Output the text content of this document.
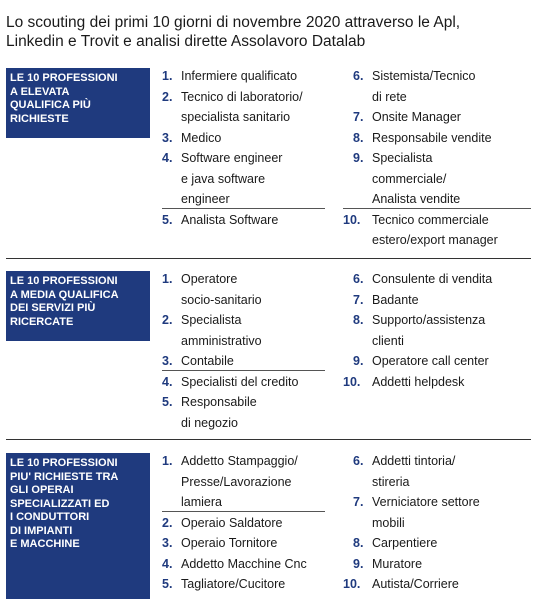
Lo scouting dei primi 10 giorni di novembre 2020 attraverso le Apl,
Linkedin e Trovit e analisi dirette Assolavoro Datalab
LE 10 PROFESSIONI
A ELEVATA
QUALIFICA PIÙ
RICHIESTE
1. Infermiere qualificato
2. Tecnico di laboratorio/
specialista sanitario
3. Medico
4. Software engineer
e java software
engineer
5. Analista Software
6. Sistemista/Tecnico
di rete
7. Onsite Manager
8. Responsabile vendite
9. Specialista
commerciale/
Analista vendite
10. Tecnico commerciale
estero/export manager
LE 10 PROFESSIONI
A MEDIA QUALIFICA
DEI SERVIZI PIÙ
RICERCATE
1. Operatore
socio-sanitario
2. Specialista
amministrativo
3. Contabile
4. Specialisti del credito
5. Responsabile
di negozio
6. Consulente di vendita
7. Badante
8. Supporto/assistenza
clienti
9. Operatore call center
10. Addetti helpdesk
LE 10 PROFESSIONI
PIU' RICHIESTE TRA
GLI OPERAI
SPECIALIZZATI ED
I CONDUTTORI
DI IMPIANTI
E MACCHINE
1. Addetto Stampaggio/
Presse/Lavorazione
lamiera
2. Operaio Saldatore
3. Operaio Tornitore
4. Addetto Macchine Cnc
5. Tagliatore/Cucitore
6. Addetti tintoria/
stireria
7. Verniciatore settore
mobili
8. Carpentiere
9. Muratore
10. Autista/Corriere
